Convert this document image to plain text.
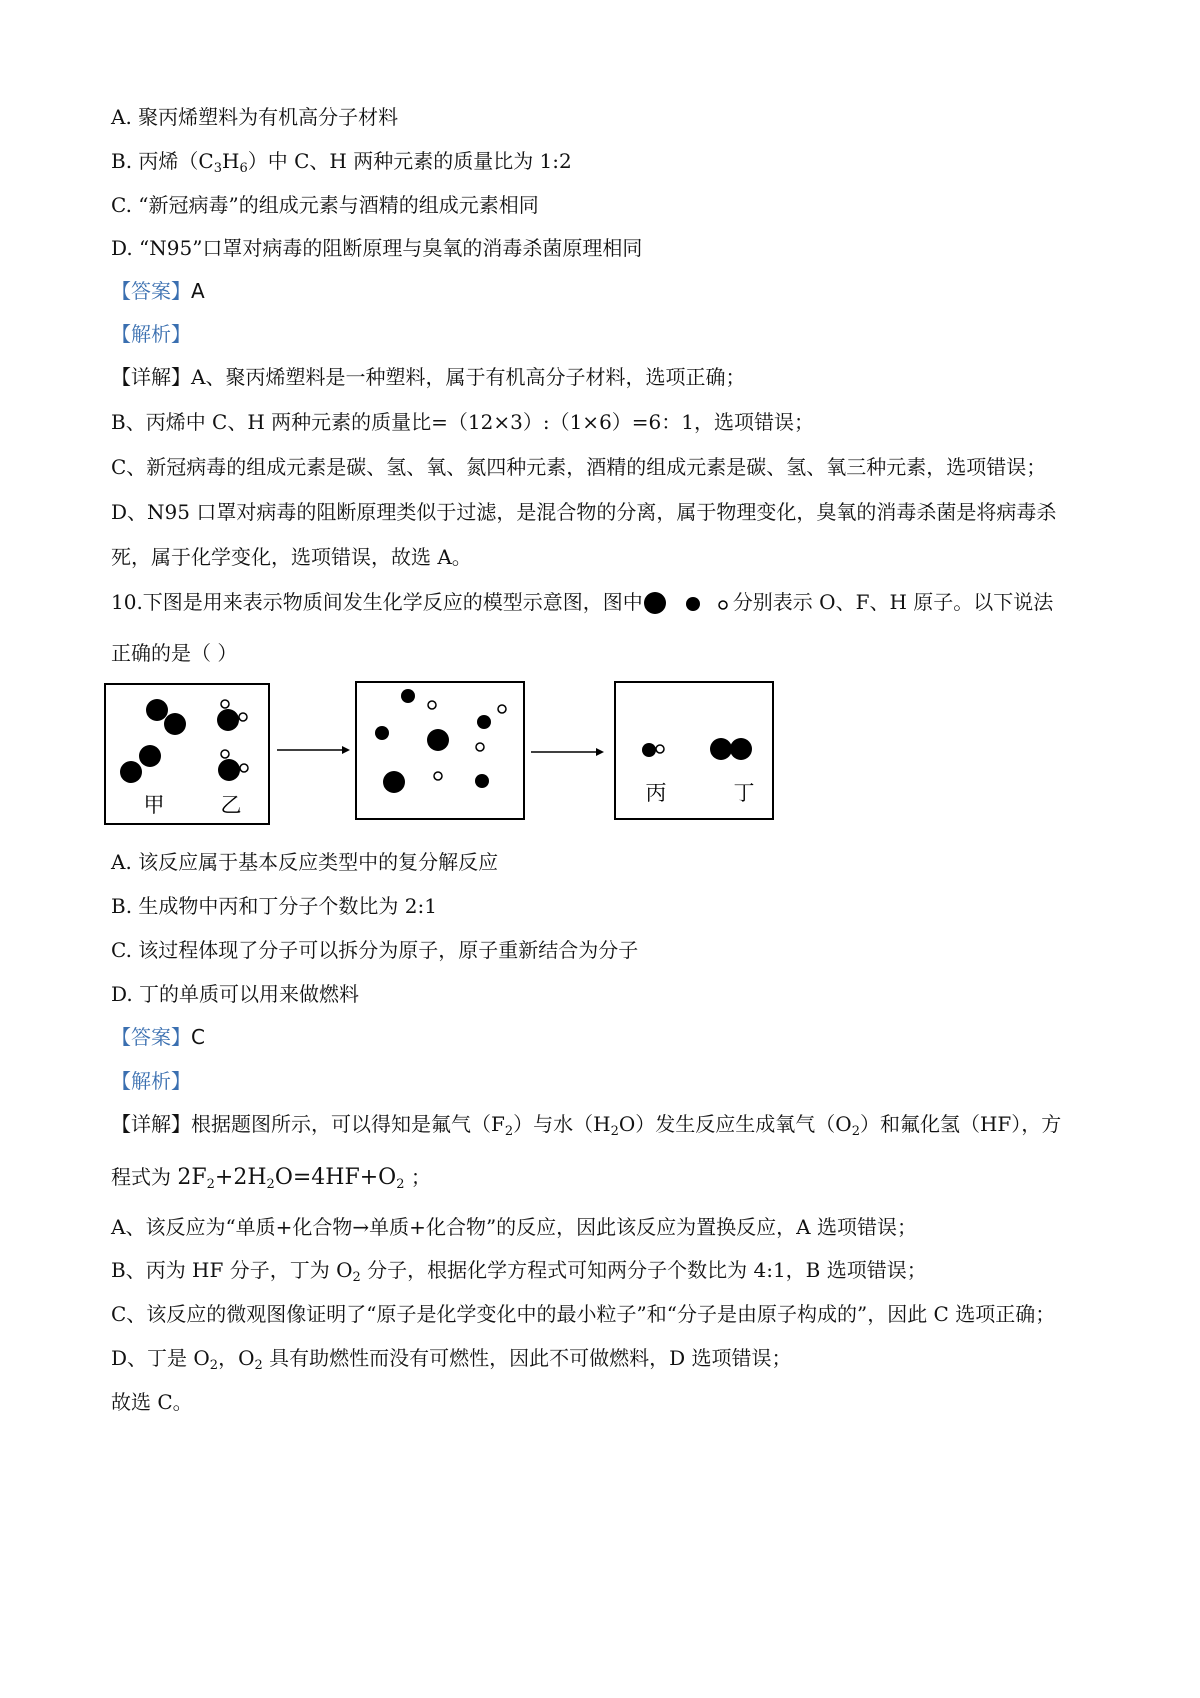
A. 聚丙烯塑料为有机高分子材料
B. 丙烯$(C_3H_6)$中 C、H 两种元素的质量比为 1:2
C. “新冠病毒”的组成元素与酒精的组成元素相同
D. “N95”口罩对病毒的阻断原理与臭氧的消毒杀菌原理相同
【答案】A
【解析】
【详解】A、聚丙烯塑料是一种塑料，属于有机高分子材料，选项正确；
B、丙烯中 C、H 两种元素的质量比=（12×3）:（1×6）=6：1，选项错误；
C、新冠病毒的组成元素是碳、氢、氧、氮四种元素，酒精的组成元素是碳、氢、氧三种元素，选项错误；
D、N95 口罩对病毒的阻断原理类似于过滤，是混合物的分离，属于物理变化，臭氧的消毒杀菌是将病毒杀
死，属于化学变化，选项错误，故选 A。
10.下图是用来表示物质间发生化学反应的模型示意图，图中	分别表示 O、F、H 原子。以下说法
正确的是（ ）
甲	乙	丙	丁
A. 该反应属于基本反应类型中的复分解反应
B. 生成物中丙和丁分子个数比为 2:1
C. 该过程体现了分子可以拆分为原子，原子重新结合为分子
D. 丁的单质可以用来做燃料
【答案】C
【解析】
【详解】根据题图所示，可以得知是氟气$(F_2)$与水$(H_2O)$发生反应生成氧气$(O_2)$和氟化氢（HF），方
程式为 $2F_2+2H_2O=4HF+O_2$ ；
A、该反应为“单质+化合物→单质+化合物”的反应，因此该反应为置换反应，A 选项错误；
B、丙为 HF 分子，丁为 $O_2$ 分子，根据化学方程式可知两分子个数比为 4:1，B 选项错误；
C、该反应的微观图像证明了“原子是化学变化中的最小粒子”和“分子是由原子构成的”，因此 C 选项正确；
D、丁是 $O_2$，$O_2$ 具有助燃性而没有可燃性，因此不可做燃料，D 选项错误；
故选 C。
